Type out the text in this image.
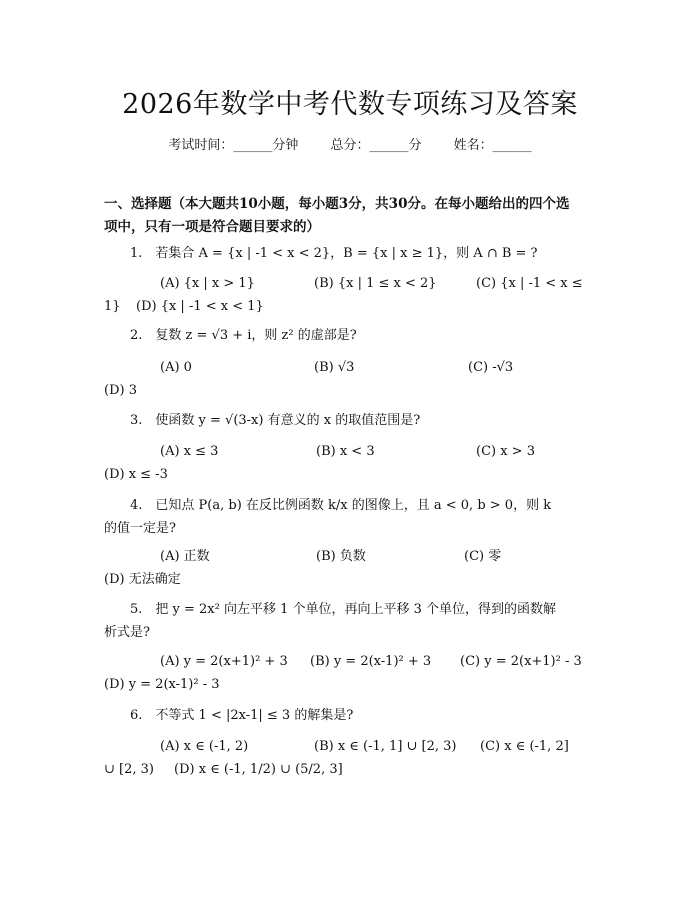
2026年数学中考代数专项练习及答案
考试时间：______分钟 总分：______分 姓名：______
一、选择题（本大题共10小题，每小题3分，共30分。在每小题给出的四个选
项中，只有一项是符合题目要求的）
1.　若集合 A = {x | -1 < x < 2}，B = {x | x ≥ 1}，则 A ∩ B = ?
(A) {x | x > 1}	(B) {x | 1 ≤ x < 2}	(C) {x | -1 < x ≤
1} (D) {x | -1 < x < 1}
2.　复数 z = √3 + i，则 z² 的虚部是?
(A) 0	(B) √3	(C) -√3
(D) 3
3.　使函数 y = √(3-x) 有意义的 x 的取值范围是?
(A) x ≤ 3	(B) x < 3	(C) x > 3
(D) x ≤ -3
4.　已知点 P(a, b) 在反比例函数 k/x 的图像上，且 a < 0, b > 0，则 k
的值一定是?
(A) 正数	(B) 负数	(C) 零
(D) 无法确定
5.　把 y = 2x² 向左平移 1 个单位，再向上平移 3 个单位，得到的函数解
析式是?
(A) y = 2(x+1)² + 3 (B) y = 2(x-1)² + 3 (C) y = 2(x+1)² - 3
(D) y = 2(x-1)² - 3
6.　不等式 1 < |2x-1| ≤ 3 的解集是?
(A) x ∈ (-1, 2)	(B) x ∈ (-1, 1] ∪ [2, 3) (C) x ∈ (-1, 2]
∪ [2, 3) (D) x ∈ (-1, 1/2) ∪ (5/2, 3]
